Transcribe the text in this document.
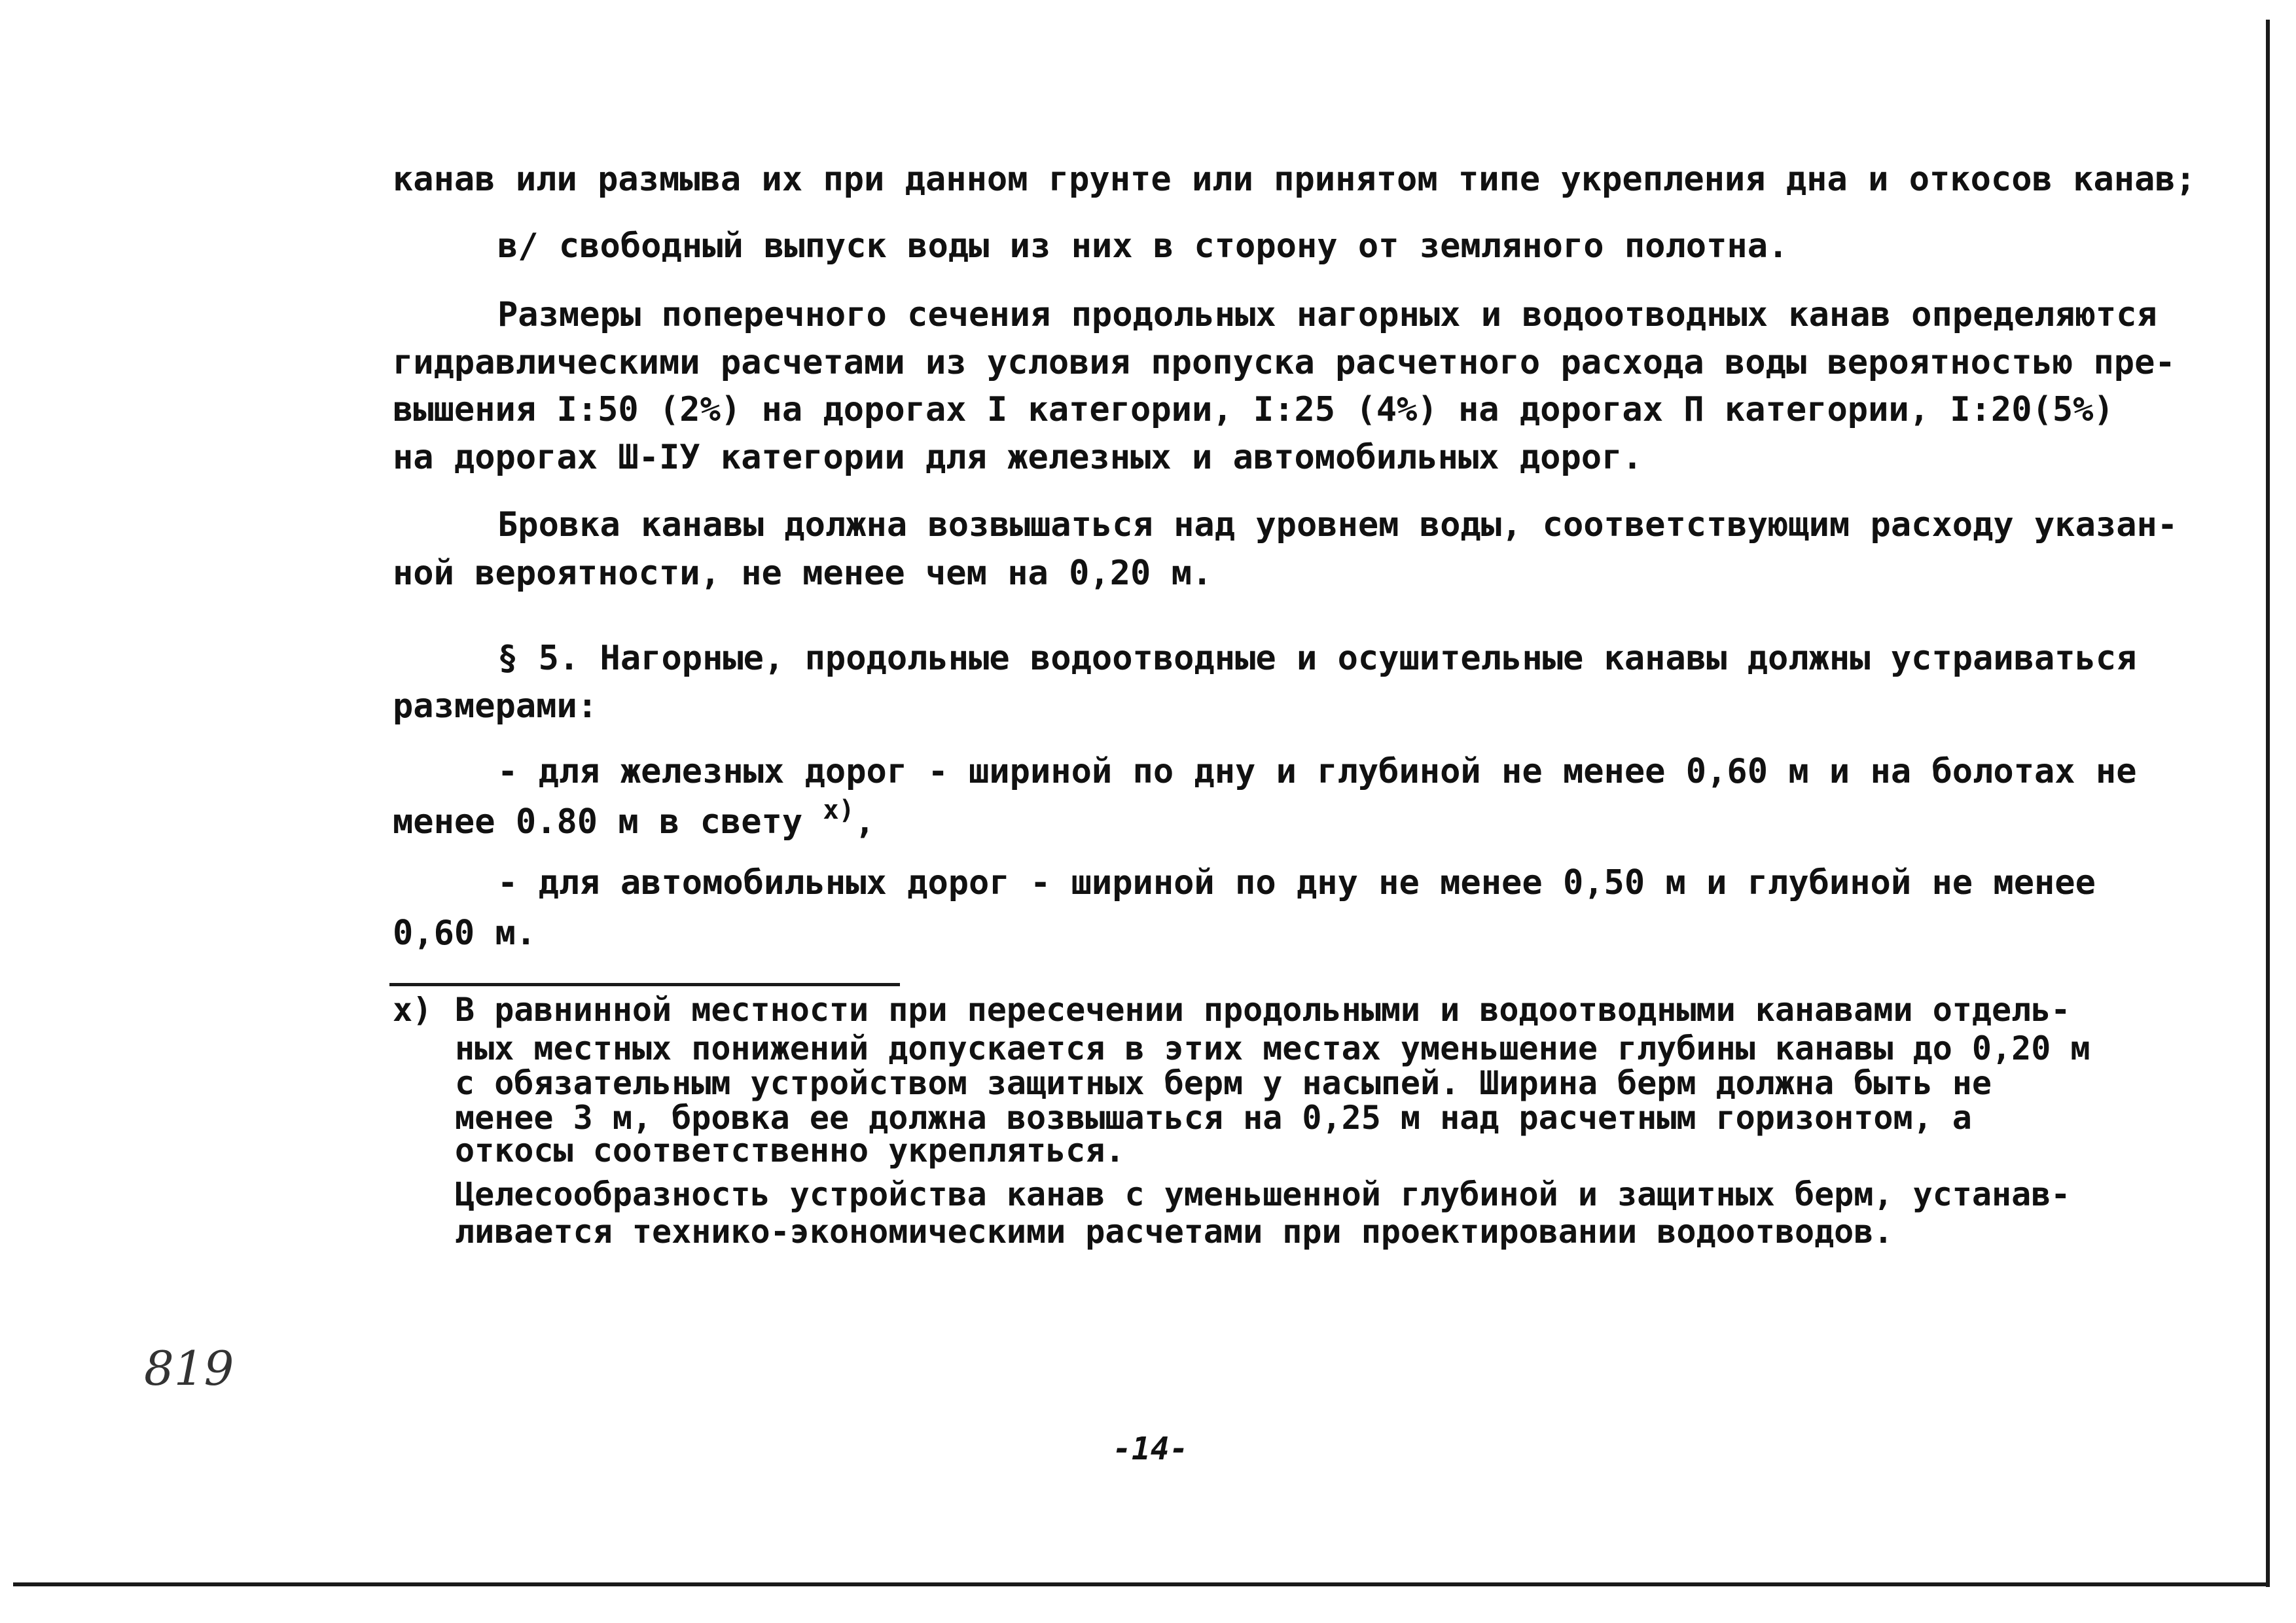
канав или размыва их при данном грунте или принятом типе укрепления дна и откосов канав;
в/ свободный выпуск воды из них в сторону от земляного полотна.
Размеры поперечного сечения продольных нагорных и водоотводных канав определяются
гидравлическими расчетами из условия пропуска расчетного расхода воды вероятностью пре-
вышения I:50 (2%) на дорогах I категории, I:25 (4%) на дорогах П категории, I:20(5%)
на дорогах Ш-IУ категории для железных и автомобильных дорог.
Бровка канавы должна возвышаться над уровнем воды, соответствующим расходу указан-
ной вероятности, не менее чем на 0,20 м.
§ 5. Нагорные, продольные водоотводные и осушительные канавы должны устраиваться
размерами:
- для железных дорог - шириной по дну и глубиной не менее 0,60 м и на болотах не
менее 0.80 м в свету $^{х)}$,
- для автомобильных дорог - шириной по дну не менее 0,50 м и глубиной не менее
0,60 м.
х) В равнинной местности при пересечении продольными и водоотводными канавами отдель-
ных местных понижений допускается в этих местах уменьшение глубины канавы до 0,20 м
с обязательным устройством защитных берм у насыпей. Ширина берм должна быть не
менее 3 м, бровка ее должна возвышаться на 0,25 м над расчетным горизонтом, а
откосы соответственно укрепляться.
Целесообразность устройства канав с уменьшенной глубиной и защитных берм, устанав-
ливается технико-экономическими расчетами при проектировании водоотводов.
819
-14-
